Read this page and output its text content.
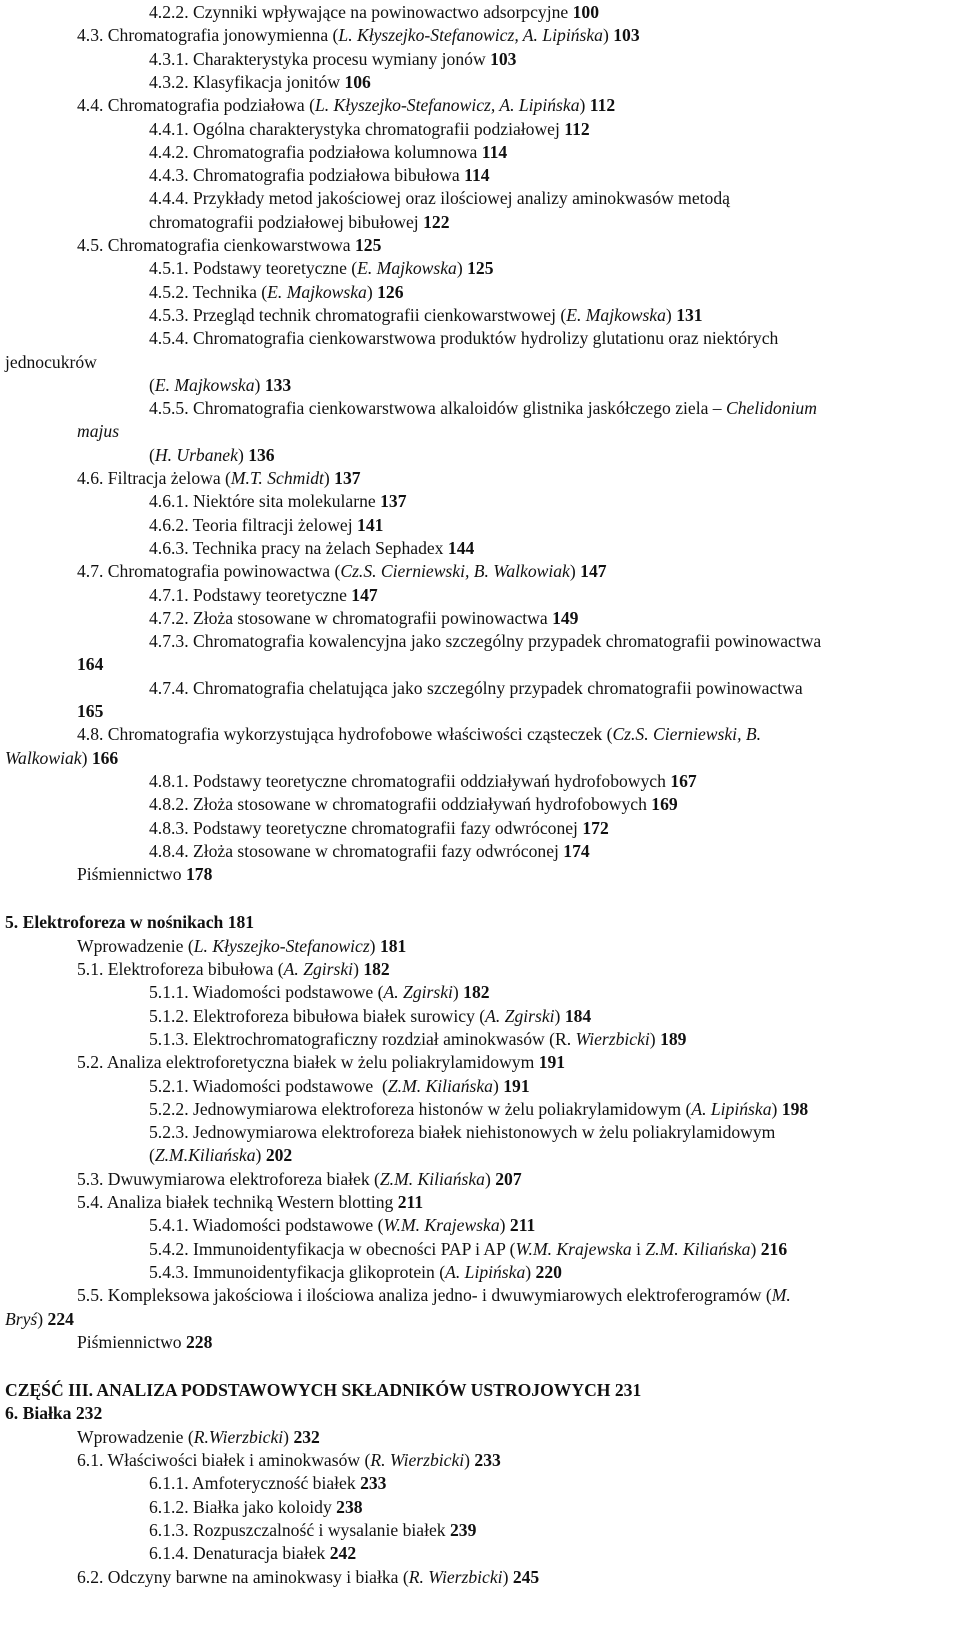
4.2.2. Czynniki wpływające na powinowactwo adsorpcyjne 100
4.3. Chromatografia jonowymienna (L. Kłyszejko-Stefanowicz, A. Lipińska) 103
4.3.1. Charakterystyka procesu wymiany jonów 103
4.3.2. Klasyfikacja jonitów 106
4.4. Chromatografia podziałowa (L. Kłyszejko-Stefanowicz, A. Lipińska) 112
4.4.1. Ogólna charakterystyka chromatografii podziałowej 112
4.4.2. Chromatografia podziałowa kolumnowa 114
4.4.3. Chromatografia podziałowa bibułowa 114
4.4.4. Przykłady metod jakościowej oraz ilościowej analizy aminokwasów metodą
chromatografii podziałowej bibułowej 122
4.5. Chromatografia cienkowarstwowa 125
4.5.1. Podstawy teoretyczne (E. Majkowska) 125
4.5.2. Technika (E. Majkowska) 126
4.5.3. Przegląd technik chromatografii cienkowarstwowej (E. Majkowska) 131
4.5.4. Chromatografia cienkowarstwowa produktów hydrolizy glutationu oraz niektórych
jednocukrów
(E. Majkowska) 133
4.5.5. Chromatografia cienkowarstwowa alkaloidów glistnika jaskółczego ziela – Chelidonium
majus
(H. Urbanek) 136
4.6. Filtracja żelowa (M.T. Schmidt) 137
4.6.1. Niektóre sita molekularne 137
4.6.2. Teoria filtracji żelowej 141
4.6.3. Technika pracy na żelach Sephadex 144
4.7. Chromatografia powinowactwa (Cz.S. Cierniewski, B. Walkowiak) 147
4.7.1. Podstawy teoretyczne 147
4.7.2. Złoża stosowane w chromatografii powinowactwa 149
4.7.3. Chromatografia kowalencyjna jako szczególny przypadek chromatografii powinowactwa
164
4.7.4. Chromatografia chelatująca jako szczególny przypadek chromatografii powinowactwa
165
4.8. Chromatografia wykorzystująca hydrofobowe właściwości cząsteczek (Cz.S. Cierniewski, B.
Walkowiak) 166
4.8.1. Podstawy teoretyczne chromatografii oddziaływań hydrofobowych 167
4.8.2. Złoża stosowane w chromatografii oddziaływań hydrofobowych 169
4.8.3. Podstawy teoretyczne chromatografii fazy odwróconej 172
4.8.4. Złoża stosowane w chromatografii fazy odwróconej 174
Piśmiennictwo 178
5. Elektroforeza w nośnikach 181
Wprowadzenie (L. Kłyszejko-Stefanowicz) 181
5.1. Elektroforeza bibułowa (A. Zgirski) 182
5.1.1. Wiadomości podstawowe (A. Zgirski) 182
5.1.2. Elektroforeza bibułowa białek surowicy (A. Zgirski) 184
5.1.3. Elektrochromatograficzny rozdział aminokwasów (R. Wierzbicki) 189
5.2. Analiza elektroforetyczna białek w żelu poliakrylamidowym 191
5.2.1. Wiadomości podstawowe  (Z.M. Kiliańska) 191
5.2.2. Jednowymiarowa elektroforeza histonów w żelu poliakrylamidowym (A. Lipińska) 198
5.2.3. Jednowymiarowa elektroforeza białek niehistonowych w żelu poliakrylamidowym
(Z.M.Kiliańska) 202
5.3. Dwuwymiarowa elektroforeza białek (Z.M. Kiliańska) 207
5.4. Analiza białek techniką Western blotting 211
5.4.1. Wiadomości podstawowe (W.M. Krajewska) 211
5.4.2. Immunoidentyfikacja w obecności PAP i AP (W.M. Krajewska i Z.M. Kiliańska) 216
5.4.3. Immunoidentyfikacja glikoprotein (A. Lipińska) 220
5.5. Kompleksowa jakościowa i ilościowa analiza jedno- i dwuwymiarowych elektroferogramów (M.
Bryś) 224
Piśmiennictwo 228
CZĘŚĆ III. ANALIZA PODSTAWOWYCH SKŁADNIKÓW USTROJOWYCH 231
6. Białka 232
Wprowadzenie (R.Wierzbicki) 232
6.1. Właściwości białek i aminokwasów (R. Wierzbicki) 233
6.1.1. Amfoteryczność białek 233
6.1.2. Białka jako koloidy 238
6.1.3. Rozpuszczalność i wysalanie białek 239
6.1.4. Denaturacja białek 242
6.2. Odczyny barwne na aminokwasy i białka (R. Wierzbicki) 245
